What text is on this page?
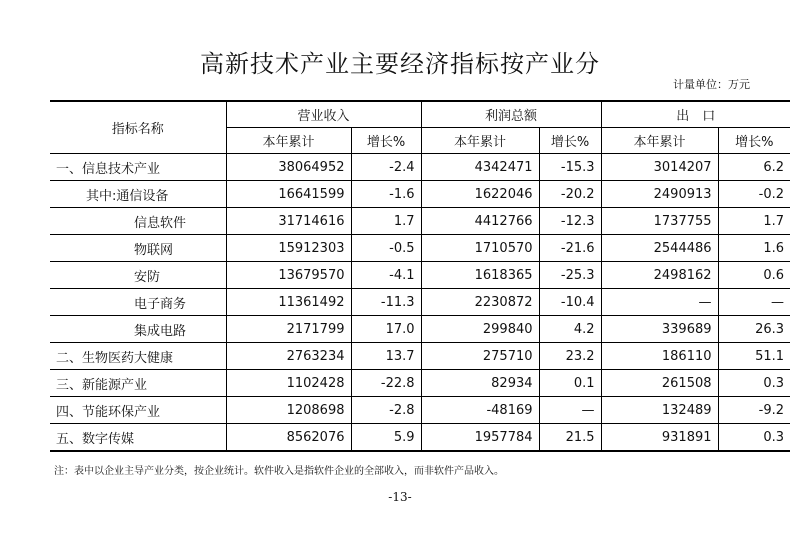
高新技术产业主要经济指标按产业分
计量单位：万元
指标名称	营业收入		利润总额		出　口	
	本年累计	增长%	本年累计	增长%	本年累计	增长%
一、信息技术产业	38064952	-2.4	4342471	-15.3	3014207	6.2
其中:通信设备	16641599	-1.6	1622046	-20.2	2490913	-0.2
信息软件	31714616	1.7	4412766	-12.3	1737755	1.7
物联网	15912303	-0.5	1710570	-21.6	2544486	1.6
安防	13679570	-4.1	1618365	-25.3	2498162	0.6
电子商务	11361492	-11.3	2230872	-10.4	—	—
集成电路	2171799	17.0	299840	4.2	339689	26.3
二、生物医药大健康	2763234	13.7	275710	23.2	186110	51.1
三、新能源产业	1102428	-22.8	82934	0.1	261508	0.3
四、节能环保产业	1208698	-2.8	-48169	—	132489	-9.2
五、数字传媒	8562076	5.9	1957784	21.5	931891	0.3
注：表中以企业主导产业分类，按企业统计。软件收入是指软件企业的全部收入，而非软件产品收入。
-13-
